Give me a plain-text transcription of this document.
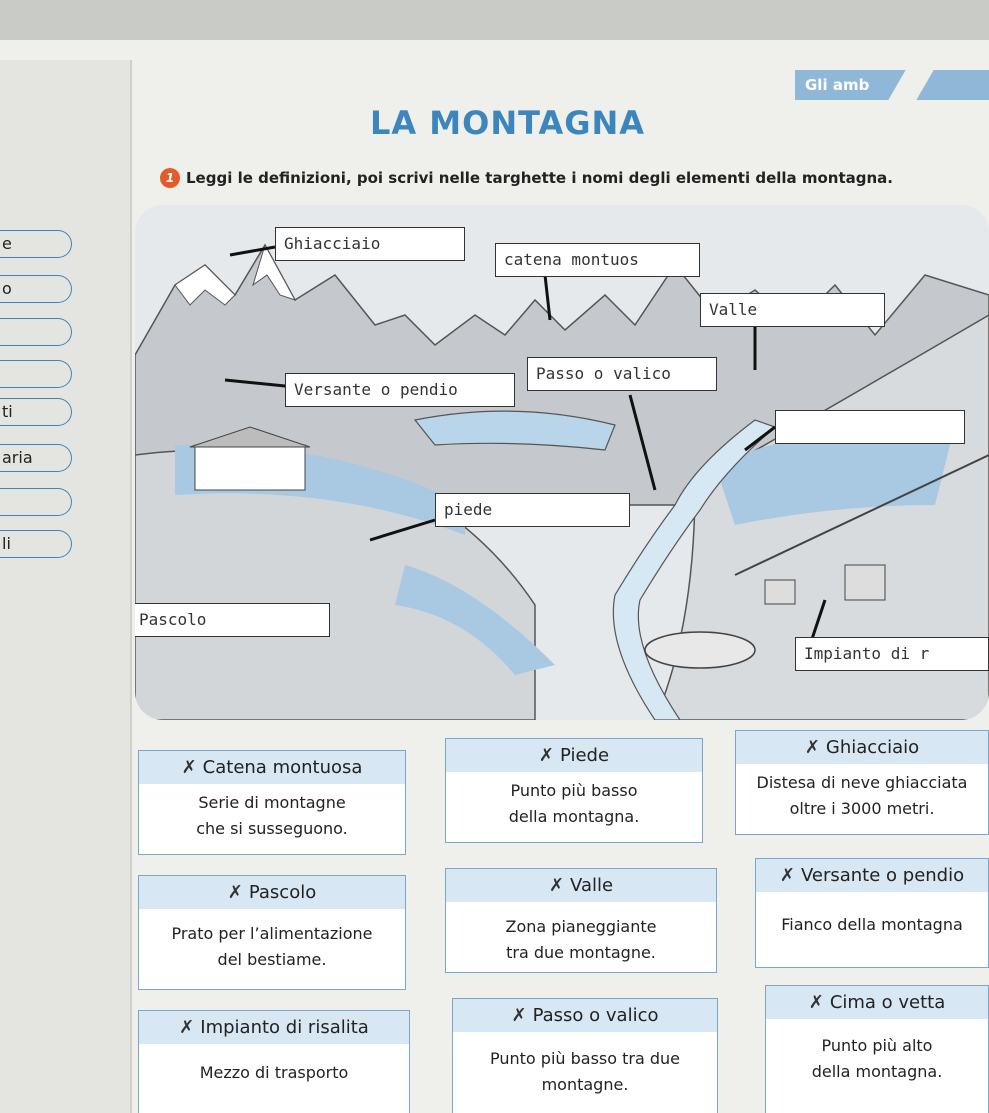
Gli amb
LA MONTAGNA
1 Leggi le definizioni, poi scrivi nelle targhette i nomi degli elementi della montagna.
e
o
ti
aria
li
Ghiacciaio
catena montuos
Valle
Versante o pendio
Passo o valico
piede
Pascolo
Impianto di r
✗ Catena montuosa
Serie di montagne
che si susseguono.
✗ Piede
Punto più basso
della montagna.
✗ Ghiacciaio
Distesa di neve ghiacciata
oltre i 3000 metri.
✗ Pascolo
Prato per l’alimentazione
del bestiame.
✗ Valle
Zona pianeggiante
tra due montagne.
✗ Versante o pendio
Fianco della montagna
✗ Impianto di risalita
Mezzo di trasporto
✗ Passo o valico
Punto più basso tra due
montagne.
✗ Cima o vetta
Punto più alto
della montagna.
